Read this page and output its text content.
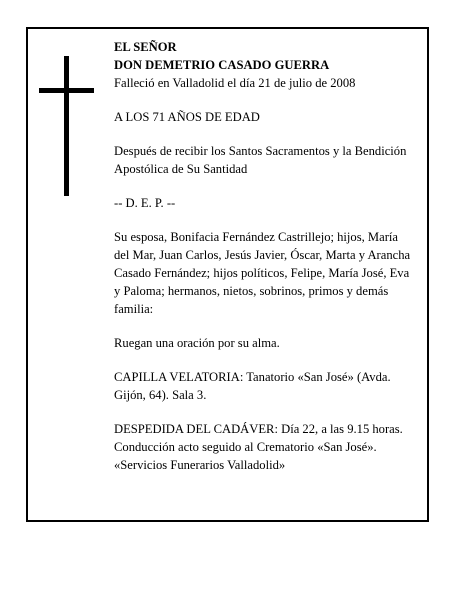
EL SEÑOR

DON DEMETRIO CASADO GUERRA

Falleció en Valladolid el día 21 de julio de 2008

A LOS 71 AÑOS DE EDAD

Después de recibir los Santos Sacramentos y la Bendición Apostólica de Su Santidad

-- D. E. P. --

Su esposa, Bonifacia Fernández Castrillejo; hijos, María del Mar, Juan Carlos, Jesús Javier, Óscar, Marta y Arancha Casado Fernández; hijos políticos, Felipe, María José, Eva y Paloma; hermanos, nietos, sobrinos, primos y demás familia:

Ruegan una oración por su alma.

CAPILLA VELATORIA: Tanatorio «San José» (Avda. Gijón, 64). Sala 3.

DESPEDIDA DEL CADÁVER: Día 22, a las 9.15 horas. Conducción acto seguido al Crematorio «San José».

«Servicios Funerarios Valladolid»
